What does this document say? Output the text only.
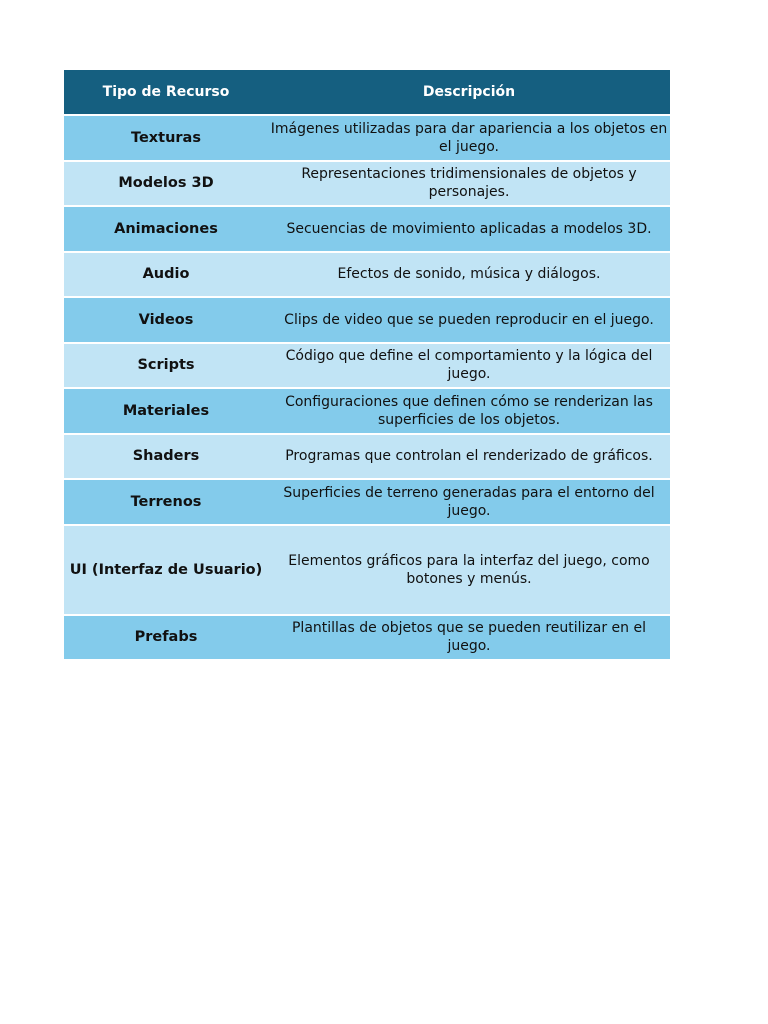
Tipo de Recurso	Descripción
Texturas	Imágenes utilizadas para dar apariencia a los objetos en el juego.
Modelos 3D	Representaciones tridimensionales de objetos y personajes.
Animaciones	Secuencias de movimiento aplicadas a modelos 3D.
Audio	Efectos de sonido, música y diálogos.
Videos	Clips de video que se pueden reproducir en el juego.
Scripts	Código que define el comportamiento y la lógica del juego.
Materiales	Configuraciones que definen cómo se renderizan las superficies de los objetos.
Shaders	Programas que controlan el renderizado de gráficos.
Terrenos	Superficies de terreno generadas para el entorno del juego.
UI (Interfaz de Usuario)	Elementos gráficos para la interfaz del juego, como botones y menús.
Prefabs	Plantillas de objetos que se pueden reutilizar en el juego.
